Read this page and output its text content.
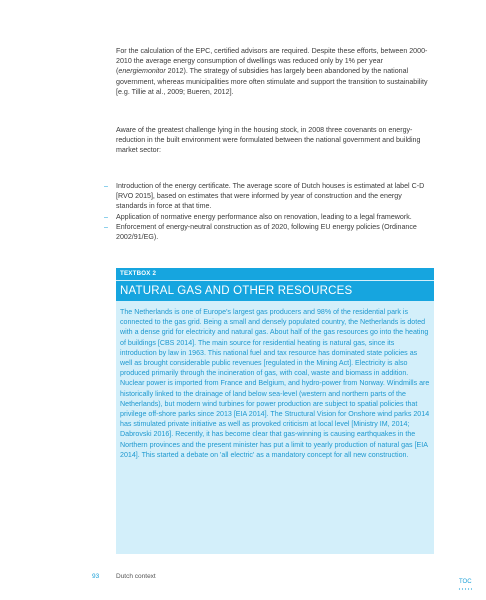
For the calculation of the EPC, certified advisors are required. Despite these efforts, between 2000-2010 the average energy consumption of dwellings was reduced only by 1% per year (energiemonitor 2012). The strategy of subsidies has largely been abandoned by the national government, whereas municipalities more often stimulate and support the transition to sustainability [e.g. Tillie at al., 2009; Bueren, 2012].

Aware of the greatest challenge lying in the housing stock, in 2008 three covenants on energy-reduction in the built environment were formulated between the national government and building market sector:

– Introduction of the energy certificate. The average score of Dutch houses is estimated at label C-D [RVO 2015], based on estimates that were informed by year of construction and the energy standards in force at that time.
– Application of normative energy performance also on renovation, leading to a legal framework.
– Enforcement of energy-neutral construction as of 2020, following EU energy policies (Ordinance 2002/91/EG).
TEXTBOX 2
NATURAL GAS AND OTHER RESOURCES
The Netherlands is one of Europe's largest gas producers and 98% of the residential park is connected to the gas grid. Being a small and densely populated country, the Netherlands is doted with a dense grid for electricity and natural gas. About half of the gas resources go into the heating of buildings [CBS 2014]. The main source for residential heating is natural gas, since its introduction by law in 1963. This national fuel and tax resource has dominated state policies as well as brought considerable public revenues [regulated in the Mining Act]. Electricity is also produced primarily through the incineration of gas, with coal, waste and biomass in addition. Nuclear power is imported from France and Belgium, and hydro-power from Norway. Windmills are historically linked to the drainage of land below sea-level (western and northern parts of the Netherlands), but modern wind turbines for power production are subject to spatial policies that privilege off-shore parks since 2013 [EIA 2014]. The Structural Vision for Onshore wind parks 2014 has stimulated private initiative as well as provoked criticism at local level [Ministry IM, 2014; Dabrovski 2016]. Recently, it has become clear that gas-winning is causing earthquakes in the Northern provinces and the present minister has put a limit to yearly production of natural gas [EIA 2014]. This started a debate on 'all electric' as a mandatory concept for all new construction.
93	Dutch context
TOC
